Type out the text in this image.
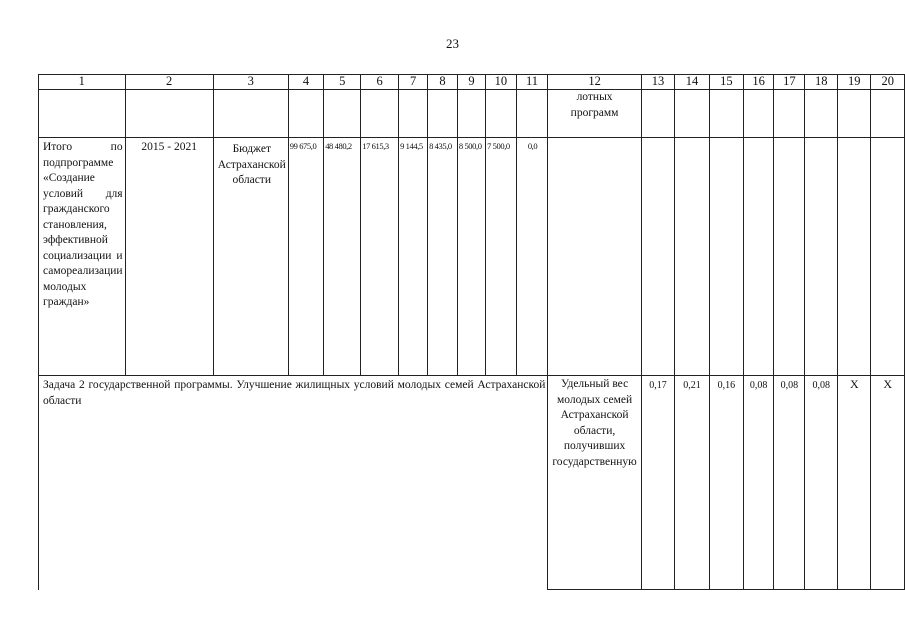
23
1	2	3	4	5	6	7	8	9	10	11	12	13	14	15	16	17	18	19	20
											лотных программ								
Итого по подпрограмме «Создание условий для гражданского становления, эффективной социализации и самореализации молодых граждан»	2015 - 2021	Бюджет Астраханской области	99 675,0	48 480,2	17 615,3	9 144,5	8 435,0	8 500,0	7 500,0	0,0									
Задача 2 государственной программы. Улучшение жилищных условий молодых семей Астраханской области											Удельный вес молодых семей Астраханской области, получивших государственную	0,17	0,21	0,16	0,08	0,08	0,08	Х	Х
